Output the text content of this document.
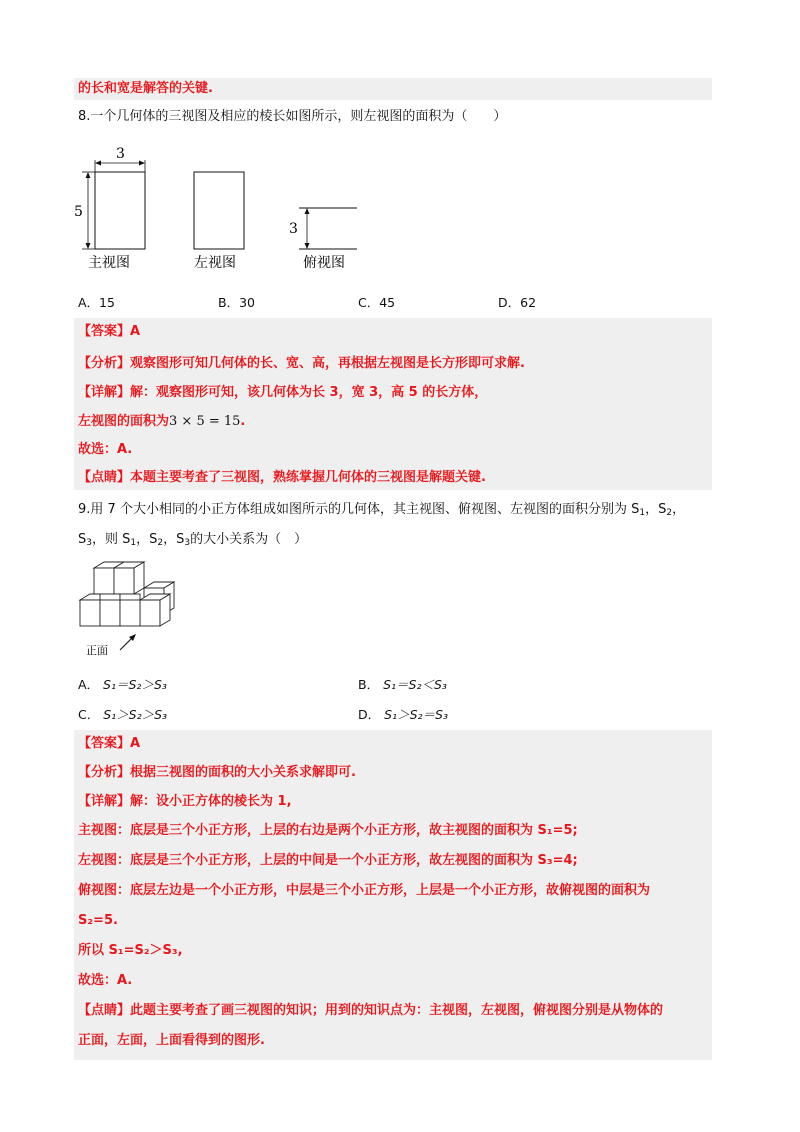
的长和宽是解答的关键.
8.一个几何体的三视图及相应的棱长如图所示，则左视图的面积为（　　）
3
5
主视图	左视图
3
俯视图
A．15	B．30	C．45	D．62
【答案】A
【分析】观察图形可知几何体的长、宽、高，再根据左视图是长方形即可求解.
【详解】解：观察图形可知，该几何体为长 3，宽 3，高 5 的长方体，
左视图的面积为3 × 5 = 15.
故选：A.
【点睛】本题主要考查了三视图，熟练掌握几何体的三视图是解题关键.
9.用 7 个大小相同的小正方体组成如图所示的几何体，其主视图、俯视图、左视图的面积分别为 $S_1$，$S_2$，
$S_3$，则 $S_1$，$S_2$，$S_3$的大小关系为（　）
正面
A． S₁＝S₂＞S₃	B． S₁＝S₂＜S₃
C． S₁＞S₂＞S₃	D． S₁＞S₂＝S₃
【答案】A
【分析】根据三视图的面积的大小关系求解即可.
【详解】解：设小正方体的棱长为 1,
主视图：底层是三个小正方形，上层的右边是两个小正方形，故主视图的面积为 S₁=5;
左视图：底层是三个小正方形，上层的中间是一个小正方形，故左视图的面积为 S₃=4;
俯视图：底层左边是一个小正方形，中层是三个小正方形，上层是一个小正方形，故俯视图的面积为
S₂=5.
所以 S₁=S₂＞S₃,
故选：A.
【点睛】此题主要考查了画三视图的知识；用到的知识点为：主视图，左视图，俯视图分别是从物体的
正面，左面，上面看得到的图形.
